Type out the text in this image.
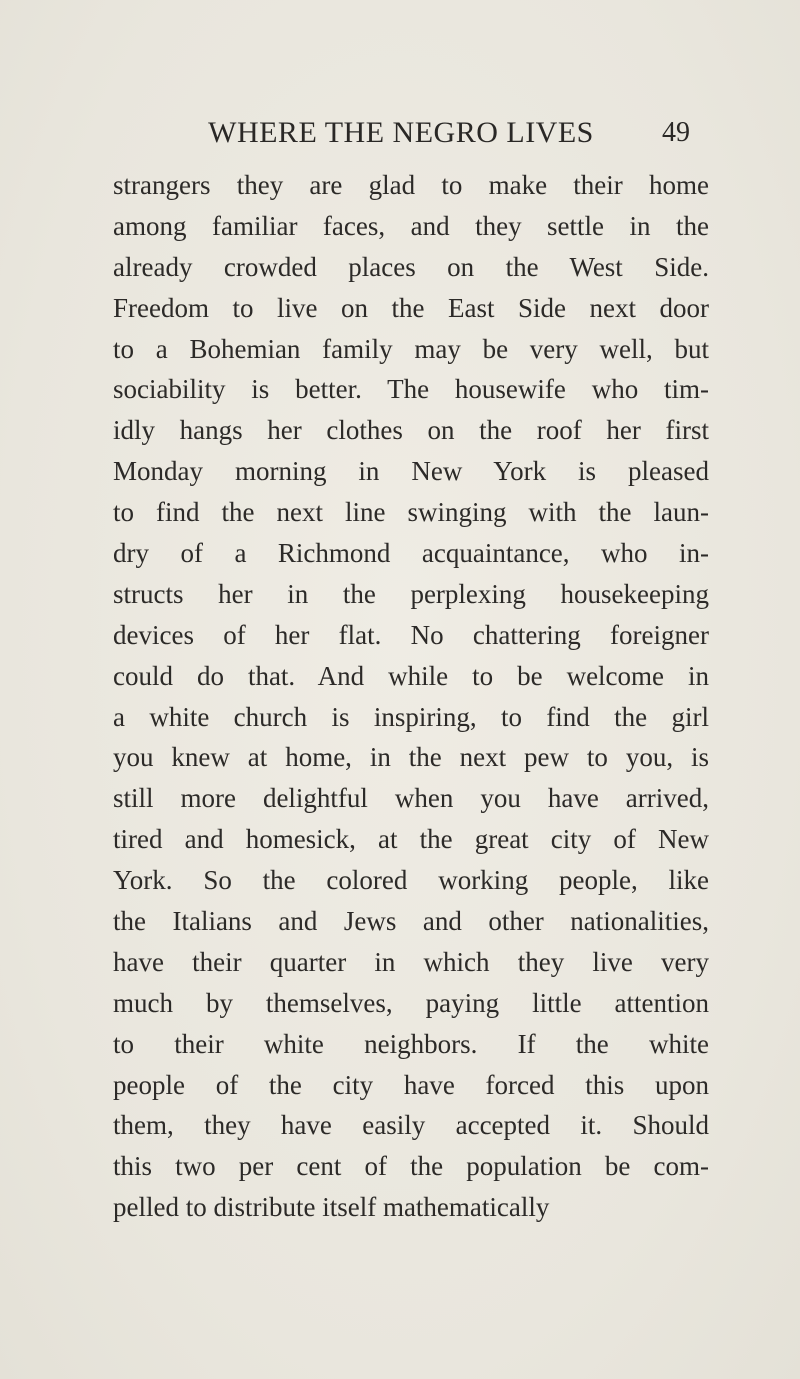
WHERE THE NEGRO LIVES	49
strangers they are glad to make their home
among familiar faces, and they settle in the
already crowded places on the West Side.
Freedom to live on the East Side next door
to a Bohemian family may be very well, but
sociability is better. The housewife who tim-
idly hangs her clothes on the roof her first
Monday morning in New York is pleased
to find the next line swinging with the laun-
dry of a Richmond acquaintance, who in-
structs her in the perplexing housekeeping
devices of her flat. No chattering foreigner
could do that. And while to be welcome in
a white church is inspiring, to find the girl
you knew at home, in the next pew to you, is
still more delightful when you have arrived,
tired and homesick, at the great city of New
York. So the colored working people, like
the Italians and Jews and other nationalities,
have their quarter in which they live very
much by themselves, paying little attention
to their white neighbors. If the white
people of the city have forced this upon
them, they have easily accepted it. Should
this two per cent of the population be com-
pelled to distribute itself mathematically
